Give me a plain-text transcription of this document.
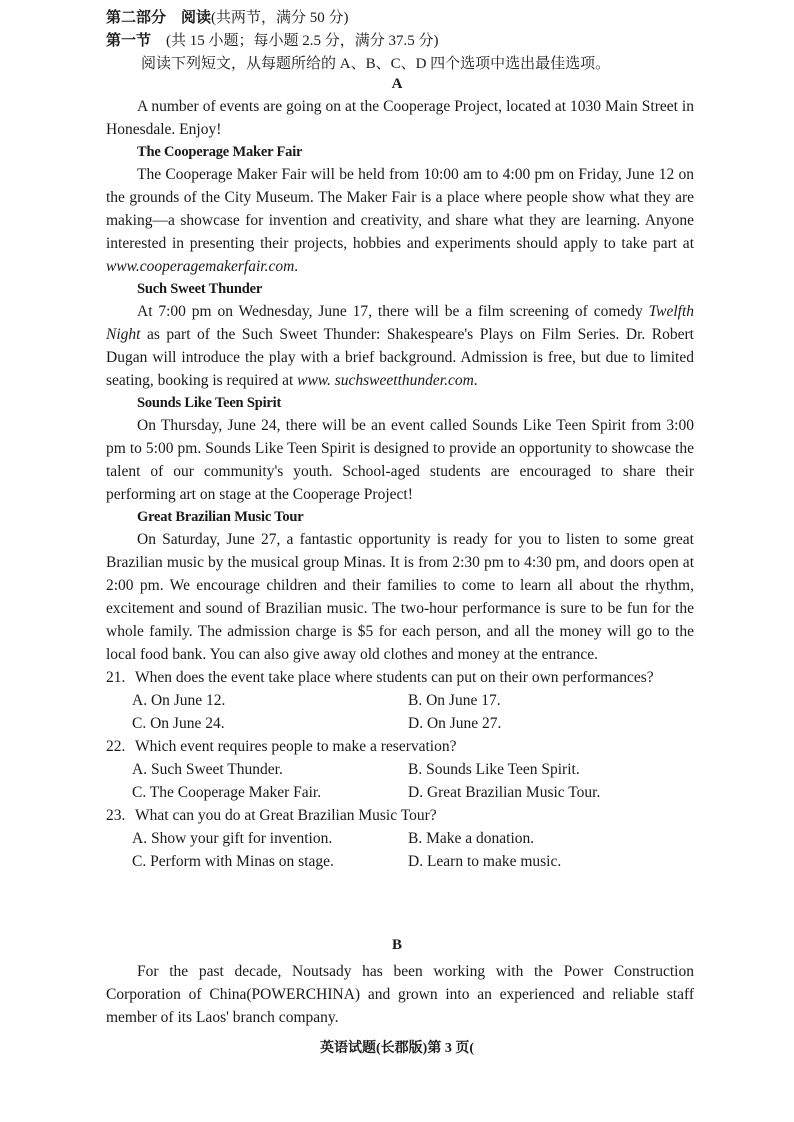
第二部分　阅读(共两节，满分 50 分)
第一节　 (共 15 小题；每小题 2.5 分，满分 37.5 分)
阅读下列短文，从每题所给的 A、B、C、D 四个选项中选出最佳选项。
A

A number of events are going on at the Cooperage Project, located at 1030 Main Street in Honesdale. Enjoy!

The Cooperage Maker Fair

The Cooperage Maker Fair will be held from 10:00 am to 4:00 pm on Friday, June 12 on the grounds of the City Museum. The Maker Fair is a place where people show what they are making—a showcase for invention and creativity, and share what they are learning. Anyone interested in presenting their projects, hobbies and experiments should apply to take part at www.cooperagemakerfair.com.

Such Sweet Thunder

At 7:00 pm on Wednesday, June 17, there will be a film screening of comedy Twelfth Night as part of the Such Sweet Thunder: Shakespeare's Plays on Film Series. Dr. Robert Dugan will introduce the play with a brief background. Admission is free, but due to limited seating, booking is required at www. suchsweetthunder.com.

Sounds Like Teen Spirit

On Thursday, June 24, there will be an event called Sounds Like Teen Spirit from 3:00 pm to 5:00 pm. Sounds Like Teen Spirit is designed to provide an opportunity to showcase the talent of our community's youth. School-aged students are encouraged to share their performing art on stage at the Cooperage Project!

Great Brazilian Music Tour

On Saturday, June 27, a fantastic opportunity is ready for you to listen to some great Brazilian music by the musical group Minas. It is from 2:30 pm to 4:30 pm, and doors open at 2:00 pm. We encourage children and their families to come to learn all about the rhythm, excitement and sound of Brazilian music. The two-hour performance is sure to be fun for the whole family. The admission charge is $5 for each person, and all the money will go to the local food bank. You can also give away old clothes and money at the entrance.

21. When does the event take place where students can put on their own performances?
A. On June 12.	B. On June 17.
C. On June 24.	D. On June 27.
22. Which event requires people to make a reservation?
A. Such Sweet Thunder.	B. Sounds Like Teen Spirit.
C. The Cooperage Maker Fair.	D. Great Brazilian Music Tour.
23. What can you do at Great Brazilian Music Tour?
A. Show your gift for invention.	B. Make a donation.
C. Perform with Minas on stage.	D. Learn to make music.
B

For the past decade, Noutsady has been working with the Power Construction Corporation of China(POWERCHINA) and grown into an experienced and reliable staff member of its Laos' branch company.

英语试题(长郡版)第 3 页(
